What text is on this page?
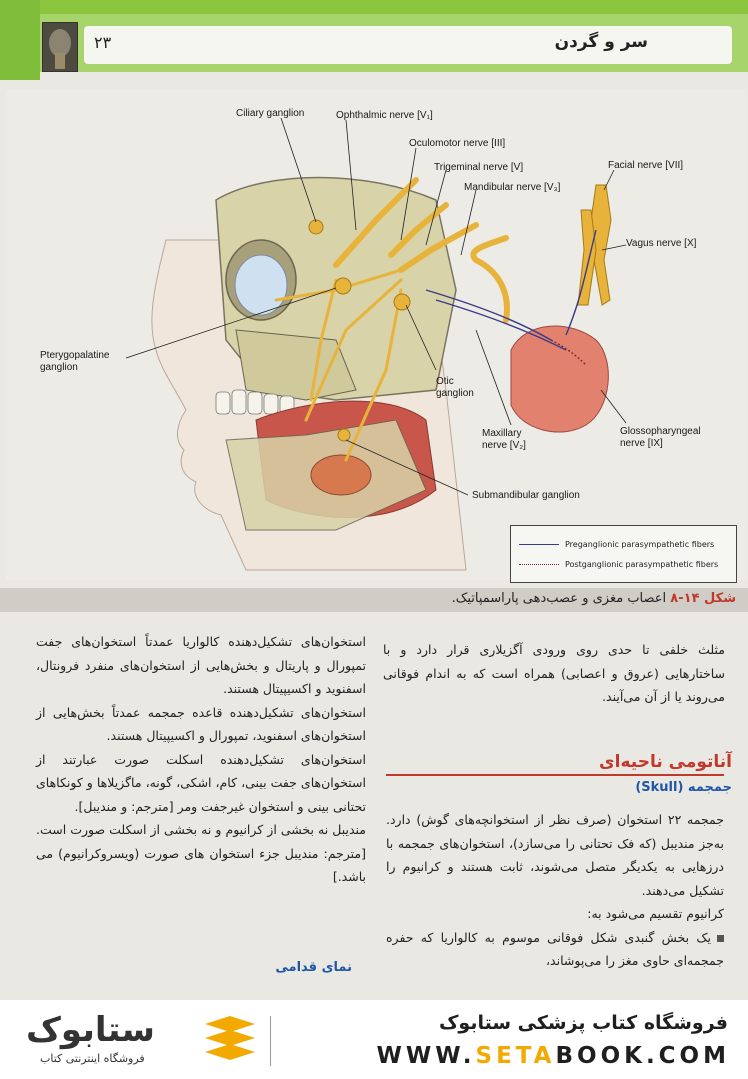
سر و گردن
۲۳
Ciliary ganglion	Ophthalmic nerve [V₁]
Oculomotor nerve [III]
Trigeminal nerve [V]
Mandibular nerve [V₃]
Facial nerve [VII]
Vagus nerve [X]
Pterygopalatine
ganglion
Otic
ganglion
Maxillary
nerve [V₂]
Glossopharyngeal
nerve [IX]
Submandibular ganglion
Preganglionic parasympathetic fibers
Postganglionic parasympathetic fibers
شکل ۱۴-۸ اعصاب مغزی و عصب‌دهی پاراسمپاتیک.

استخوان‌های تشکیل‌دهنده کالواریا عمدتاً استخوان‌های جفت تمپورال و پاریتال و بخش‌هایی از استخوان‌های منفرد فرونتال، اسفنوید و اکسیپیتال هستند.

استخوان‌های تشکیل‌دهنده قاعده جمجمه عمدتاً بخش‌هایی از استخوان‌های اسفنوید، تمپورال و اکسیپیتال هستند.

استخوان‌های تشکیل‌دهنده اسکلت صورت عبارتند از استخوان‌های جفت بینی، کام، اشکی، گونه، ماگزیلاها و کونکاهای تحتانی بینی و استخوان غیرجفت ومر [مترجم: و مندیبل].

مندیبل نه بخشی از کرانیوم و نه بخشی از اسکلت صورت است. [مترجم: مندیبل جزء استخوان های صورت (ویسروکرانیوم) می باشد.]

نمای قدامی

مثلث خلفی تا حدی روی ورودی آگزیلاری قرار دارد و با ساختارهایی (عروق و اعصابی) همراه است که به اندام فوقانی می‌روند یا از آن می‌آیند.

آناتومی ناحیه‌ای
جمجمه (Skull)

جمجمه ۲۲ استخوان (صرف نظر از استخوانچه‌های گوش) دارد. به‌جز مندیبل (که فک تحتانی را می‌سازد)، استخوان‌های جمجمه با درزهایی به یکدیگر متصل می‌شوند، ثابت هستند و کرانیوم را تشکیل می‌دهند.

کرانیوم تقسیم می‌شود به:

یک بخش گنبدی شکل فوقانی موسوم به کالواریا که حفره جمجمه‌ای حاوی مغز را می‌پوشاند،

ستابوک
فروشگاه اینترنتی کتاب
فروشگاه کتاب پزشکی ستابوک
WWW.SETABOOK.COM
